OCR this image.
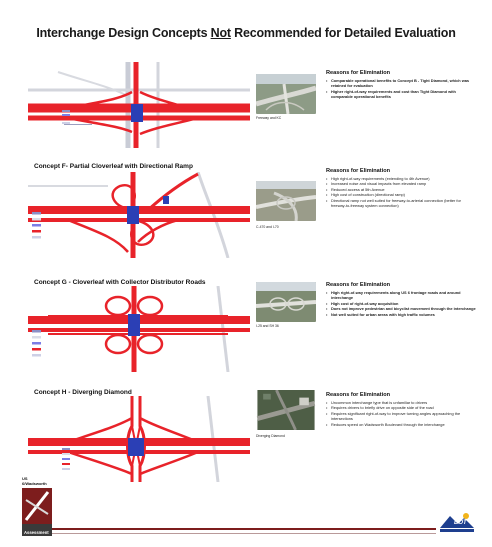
Interchange Design Concepts Not Recommended for Detailed Evaluation
Freeway and KC
Reasons for Elimination
• Comparable operational benefits to Concept B - Tight Diamond, which was retained for evaluation
• Higher right-of-way requirements and cost than Tight Diamond with comparable operational benefits
Concept F- Partial Cloverleaf with Directional Ramp
C-470 and I-70
Reasons for Elimination
• High right-of-way requirements (extending to 4th Avenue)
• Increased noise and visual impacts from elevated ramp
• Reduced access at 5th Avenue
• High cost of construction (directional ramp)
• Directional ramp not well suited for freeway-to-arterial connection (better for freeway-to-freeway system connection)
Concept G - Cloverleaf with Collector Distributor Roads
I-25 and SH 36
Reasons for Elimination
• High right-of-way requirements along US 6 frontage roads and around interchange
• High cost of right-of-way acquisition
• Does not improve pedestrian and bicyclist movement through the interchange
• Not well suited for urban areas with high traffic volumes
Concept H - Diverging Diamond
Diverging Diamond
Reasons for Elimination
• Uncommon interchange type that is unfamiliar to drivers
• Requires drivers to briefly drive on opposite side of the road
• Requires significant right-of-way to improve turning angles approaching the intersections
• Reduces speed on Wadsworth Boulevard through the interchange
US 6/Wadsworth
Assessment
DOT
